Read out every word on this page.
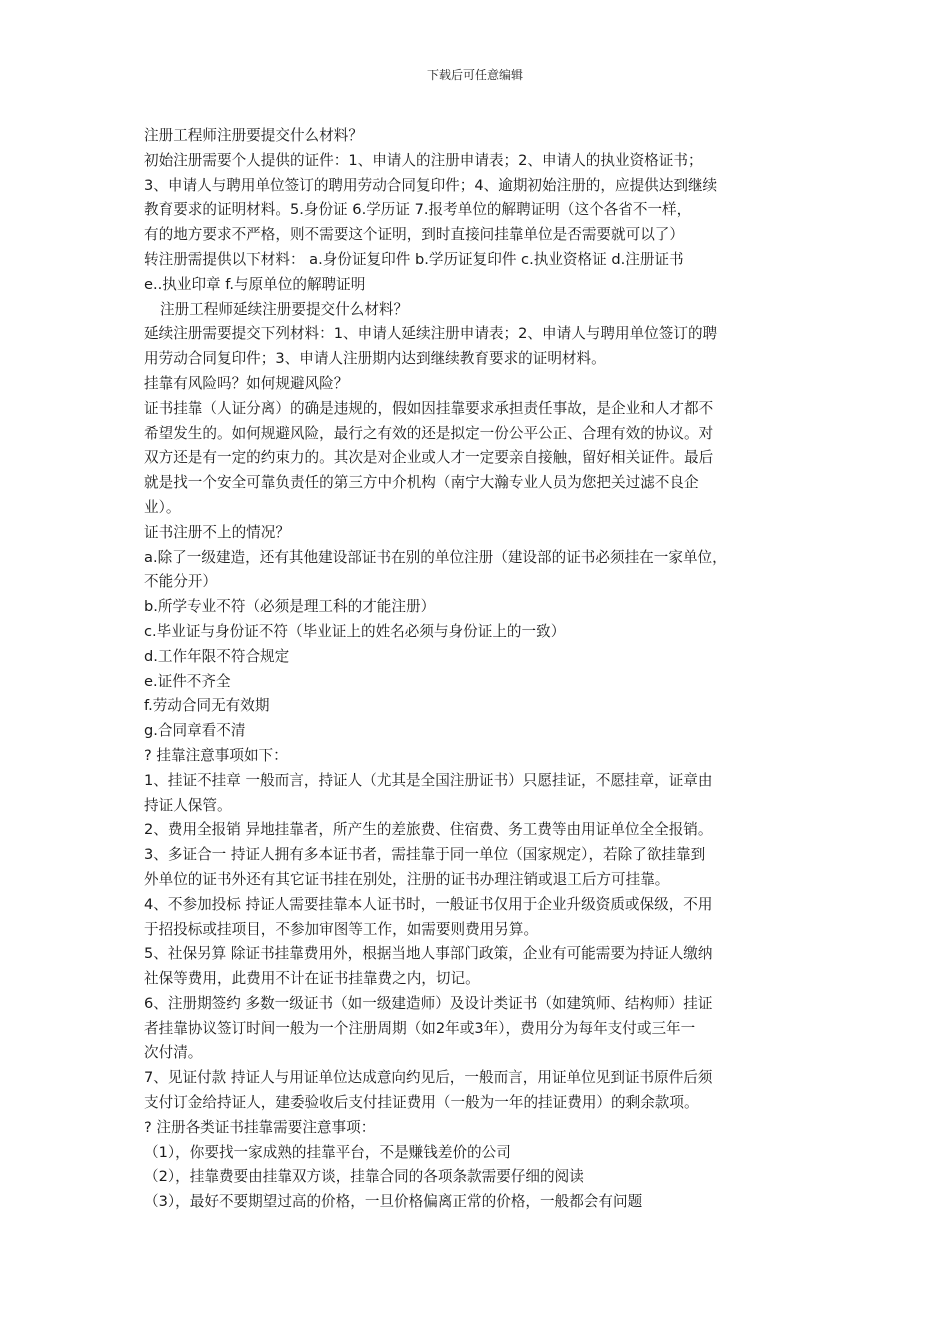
下载后可任意编辑

注册工程师注册要提交什么材料？

初始注册需要个人提供的证件：1、申请人的注册申请表；2、申请人的执业资格证书；

3、申请人与聘用单位签订的聘用劳动合同复印件；4、逾期初始注册的，应提供达到继续

教育要求的证明材料。5.身份证 6.学历证 7.报考单位的解聘证明（这个各省不一样，

有的地方要求不严格，则不需要这个证明，到时直接问挂靠单位是否需要就可以了）

转注册需提供以下材料： a.身份证复印件 b.学历证复印件 c.执业资格证 d.注册证书

e..执业印章 f.与原单位的解聘证明

注册工程师延续注册要提交什么材料？

延续注册需要提交下列材料：1、申请人延续注册申请表；2、申请人与聘用单位签订的聘

用劳动合同复印件；3、申请人注册期内达到继续教育要求的证明材料。

挂靠有风险吗？如何规避风险？

证书挂靠（人证分离）的确是违规的，假如因挂靠要求承担责任事故，是企业和人才都不

希望发生的。如何规避风险，最行之有效的还是拟定一份公平公正、合理有效的协议。对

双方还是有一定的约束力的。其次是对企业或人才一定要亲自接触，留好相关证件。最后

就是找一个安全可靠负责任的第三方中介机构（南宁大瀚专业人员为您把关过滤不良企

业）。

证书注册不上的情况？

a.除了一级建造，还有其他建设部证书在别的单位注册（建设部的证书必须挂在一家单位，

不能分开）

b.所学专业不符（必须是理工科的才能注册）

c.毕业证与身份证不符（毕业证上的姓名必须与身份证上的一致）

d.工作年限不符合规定

e.证件不齐全

f.劳动合同无有效期

g.合同章看不清

? 挂靠注意事项如下：

1、挂证不挂章 一般而言，持证人（尤其是全国注册证书）只愿挂证，不愿挂章，证章由

持证人保管。

2、费用全报销 异地挂靠者，所产生的差旅费、住宿费、务工费等由用证单位全全报销。

3、多证合一 持证人拥有多本证书者，需挂靠于同一单位（国家规定），若除了欲挂靠到

外单位的证书外还有其它证书挂在别处，注册的证书办理注销或退工后方可挂靠。

4、不参加投标 持证人需要挂靠本人证书时，一般证书仅用于企业升级资质或保级，不用

于招投标或挂项目，不参加审图等工作，如需要则费用另算。

5、社保另算 除证书挂靠费用外，根据当地人事部门政策，企业有可能需要为持证人缴纳

社保等费用，此费用不计在证书挂靠费之内，切记。

6、注册期签约 多数一级证书（如一级建造师）及设计类证书（如建筑师、结构师）挂证

者挂靠协议签订时间一般为一个注册周期（如2年或3年），费用分为每年支付或三年一

次付清。

7、见证付款 持证人与用证单位达成意向约见后，一般而言，用证单位见到证书原件后须

支付订金给持证人，建委验收后支付挂证费用（一般为一年的挂证费用）的剩余款项。

? 注册各类证书挂靠需要注意事项：

（1），你要找一家成熟的挂靠平台，不是赚钱差价的公司

（2），挂靠费要由挂靠双方谈，挂靠合同的各项条款需要仔细的阅读

（3），最好不要期望过高的价格，一旦价格偏离正常的价格，一般都会有问题
